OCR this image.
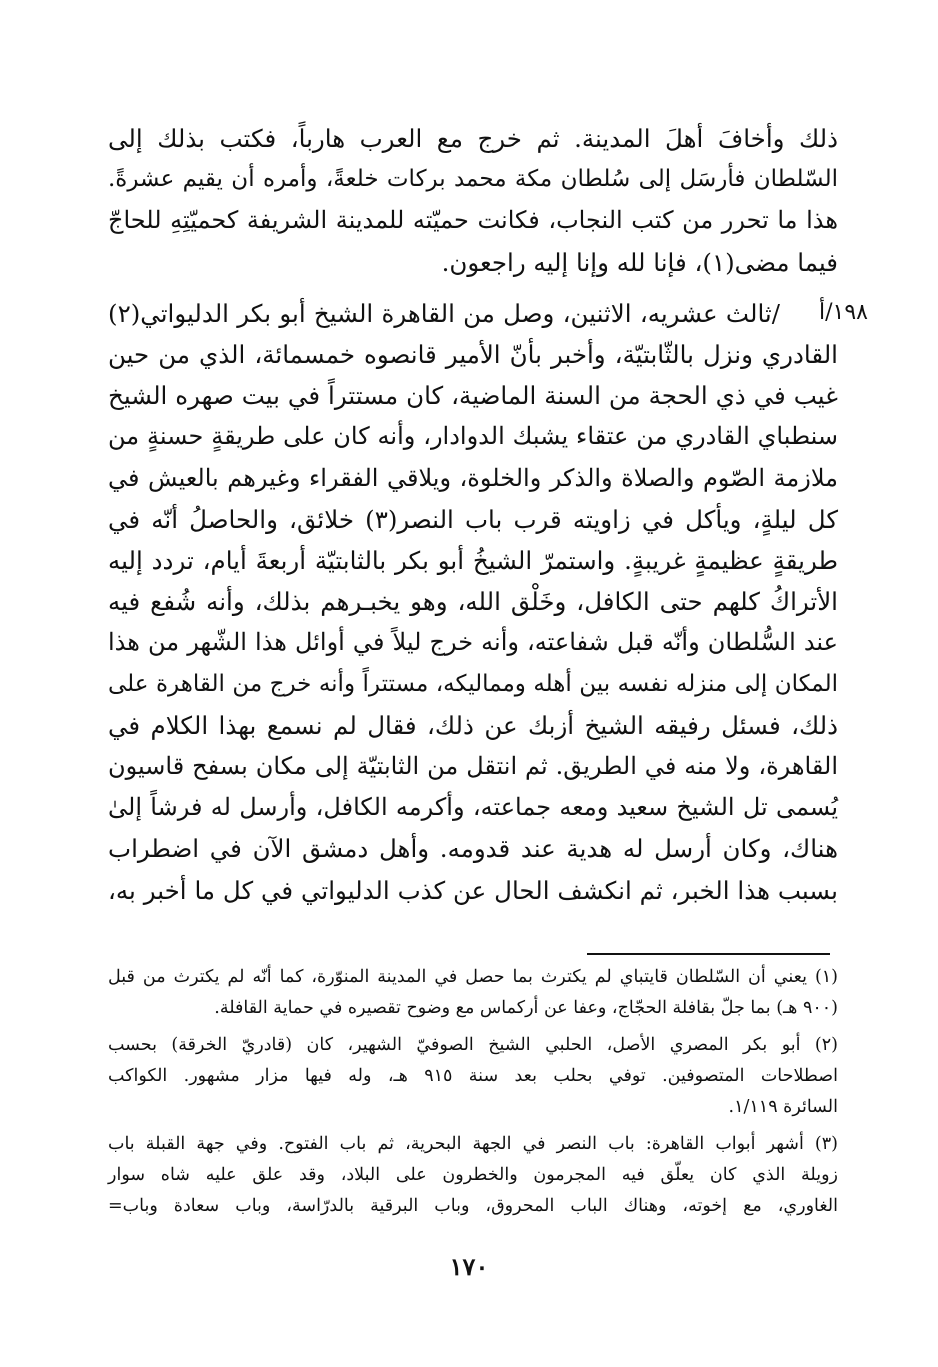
١٩٨/أ

ذلك وأخافَ أهلَ المدينة. ثم خرج مع العرب هارباً، فكتب بذلك إلى
السّلطان فأرسَل إلى سُلطان مكة محمد بركات خلعةً، وأمره أن يقيم عشرةً.
هذا ما تحرر من كتب النجاب، فكانت حميّته للمدينة الشريفة كحميّتِهِ للحاجّ
فيما مضى(١)، فإنا لله وإنا إليه راجعون.

/ثالث عشريه، الاثنين، وصل من القاهرة الشيخ أبو بكر الدليواتي(٢)
القادري ونزل بالثّابتيّة، وأخبر بأنّ الأمير قانصوه خمسمائة، الذي من حين
غيب في ذي الحجة من السنة الماضية، كان مستتراً في بيت صهره الشيخ
سنطباي القادري من عتقاء يشبك الدوادار، وأنه كان على طريقةٍ حسنةٍ من
ملازمة الصّوم والصلاة والذكر والخلوة، ويلاقي الفقراء وغيرهم بالعيش في
كل ليلةٍ، ويأكل في زاويته قرب باب النصر(٣) خلائق، والحاصلُ أنّه في
طريقةٍ عظيمةٍ غريبةٍ. واستمرّ الشيخُ أبو بكر بالثابتيّة أربعةَ أيام، تردد إليه
الأتراكُ كلهم حتى الكافل، وخَلْق الله، وهو يخبـرهم بذلك، وأنه شُفع فيه
عند السُّلطان وأنّه قبل شفاعته، وأنه خرج ليلاً في أوائل هذا الشّهر من هذا
المكان إلى منزله نفسه بين أهله ومماليكه، مستتراً وأنه خرج من القاهرة على
ذلك، فسئل رفيقه الشيخ أزبك عن ذلك، فقال لم نسمع بهذا الكلام في
القاهرة، ولا منه في الطريق. ثم انتقل من الثابتيّة إلى مكان بسفح قاسيون
يُسمى تل الشيخ سعيد ومعه جماعته، وأكرمه الكافل، وأرسل له فرشاً إلىٰ
هناك، وكان أرسل له هدية عند قدومه. وأهل دمشق الآن في اضطراب
بسبب هذا الخبر، ثم انكشف الحال عن كذب الدليواتي في كل ما أخبر به،

(١) يعني أن السّلطان قايتباي لم يكترث بما حصل في المدينة المنوّرة، كما أنّه لم يكترث من قبل
(٩٠٠ هـ) بما جلّ بقافلة الحجّاج، وعفا عن أركماس مع وضوح تقصيره في حماية القافلة.
(٢) أبو بكر المصري الأصل، الحلبي الشيخ الصوفيّ الشهير، كان (قادريّ الخرقة) بحسب
اصطلاحات المتصوفين. توفي بحلب بعد سنة ٩١٥ هـ، وله فيها مزار مشهور. الكواكب
السائرة ١/١١٩.
(٣) أشهر أبواب القاهرة: باب النصر في الجهة البحرية، ثم باب الفتوح. وفي جهة القبلة باب
زويلة الذي كان يعلّق فيه المجرمون والخطرون على البلاد، وقد علق عليه شاه سوار
الغاوري، مع إخوته، وهناك الباب المحروق، وباب البرقية بالدرّاسة، وباب سعادة وباب=
١٧٠
